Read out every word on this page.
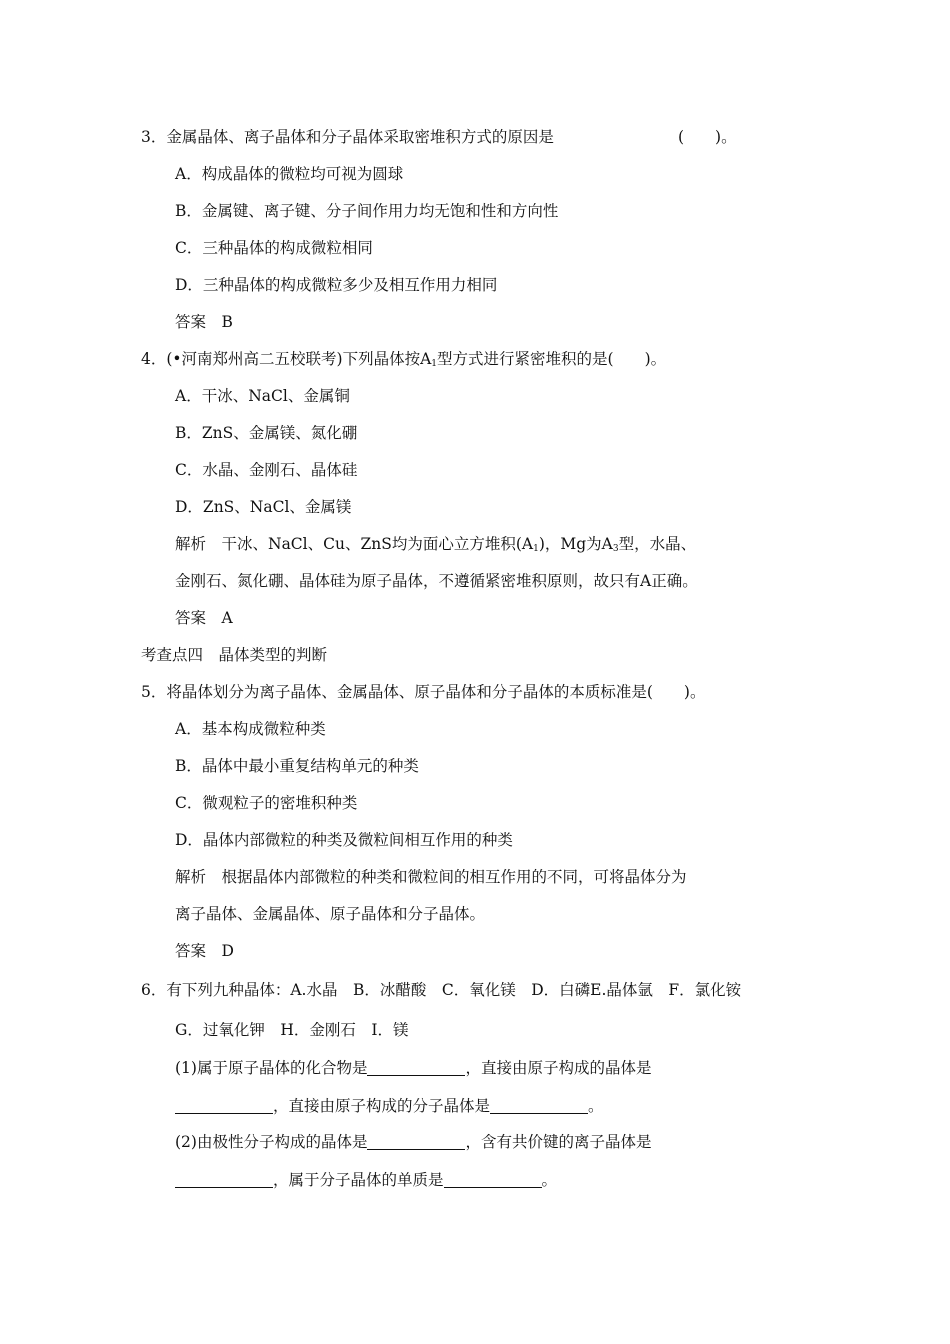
3．金属晶体、离子晶体和分子晶体采取密堆积方式的原因是	(　　)。
A．构成晶体的微粒均可视为圆球
B．金属键、离子键、分子间作用力均无饱和性和方向性
C．三种晶体的构成微粒相同
D．三种晶体的构成微粒多少及相互作用力相同
答案　B
4．(•河南郑州高二五校联考)下列晶体按$A_1$型方式进行紧密堆积的是(　　)。
A．干冰、NaCl、金属铜
B．ZnS、金属镁、氮化硼
C．水晶、金刚石、晶体硅
D．ZnS、NaCl、金属镁
解析　干冰、NaCl、Cu、ZnS均为面心立方堆积$(A_1)$，Mg为$A_3$型，水晶、
金刚石、氮化硼、晶体硅为原子晶体，不遵循紧密堆积原则，故只有A正确。
答案　A
考查点四　晶体类型的判断
5．将晶体划分为离子晶体、金属晶体、原子晶体和分子晶体的本质标准是(　　)。
A．基本构成微粒种类
B．晶体中最小重复结构单元的种类
C．微观粒子的密堆积种类
D．晶体内部微粒的种类及微粒间相互作用的种类
解析　根据晶体内部微粒的种类和微粒间的相互作用的不同，可将晶体分为
离子晶体、金属晶体、原子晶体和分子晶体。
答案　D
6．有下列九种晶体：A.水晶　B．冰醋酸　C．氧化镁　D．白磷E.晶体氩　F．氯化铵
G．过氧化钾　H．金刚石　I．镁
(1)属于原子晶体的化合物是	，直接由原子构成的晶体是
，直接由原子构成的分子晶体是	。
(2)由极性分子构成的晶体是	，含有共价键的离子晶体是
，属于分子晶体的单质是	。
